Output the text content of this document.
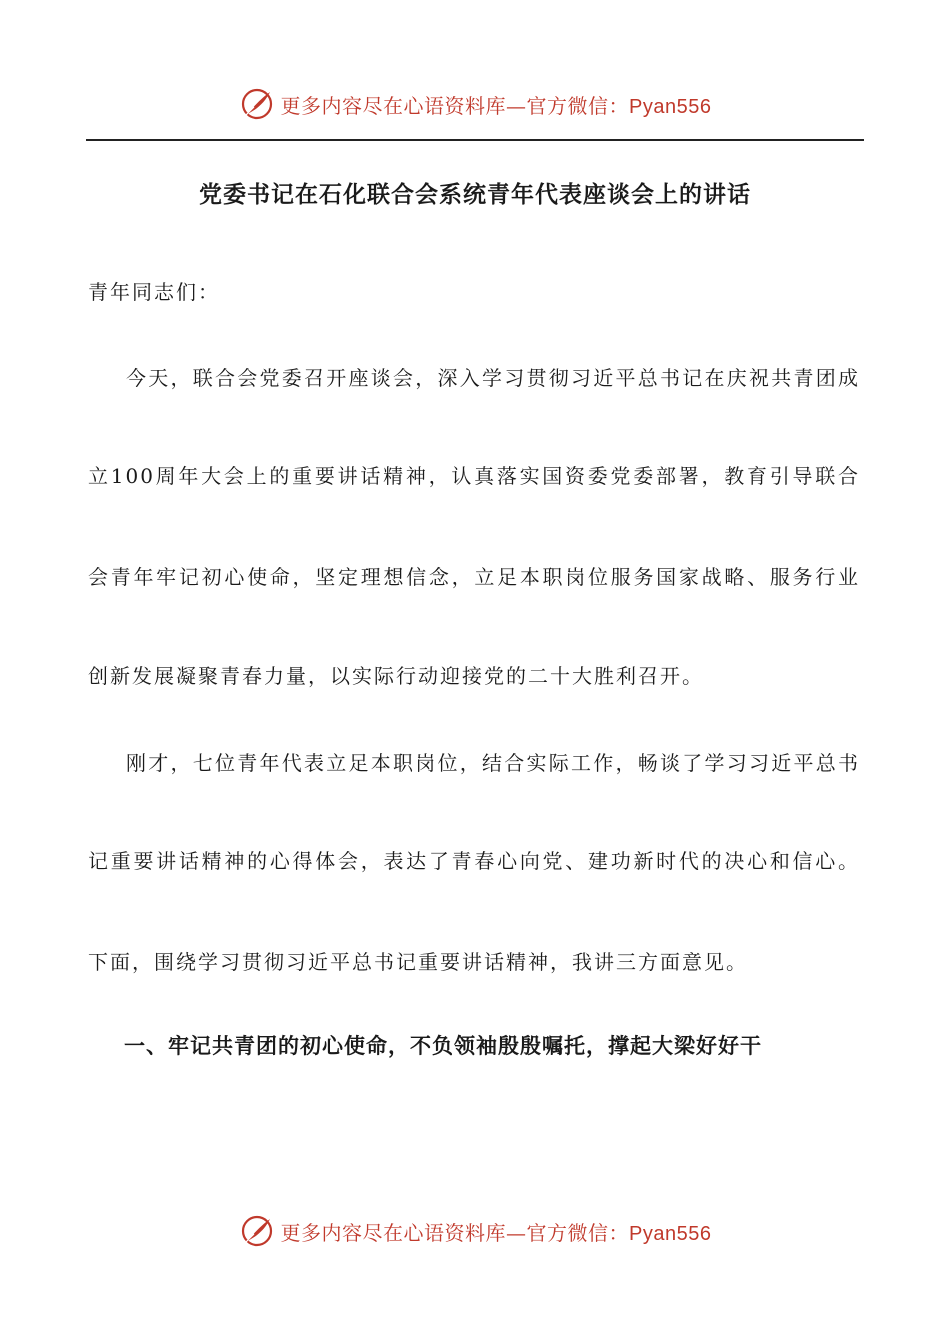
更多内容尽在心语资料库—官方微信：Pyan556
党委书记在石化联合会系统青年代表座谈会上的讲话
青年同志们：
今天，联合会党委召开座谈会，深入学习贯彻习近平总书记在庆祝共青团成
立100周年大会上的重要讲话精神，认真落实国资委党委部署，教育引导联合
会青年牢记初心使命，坚定理想信念，立足本职岗位服务国家战略、服务行业
创新发展凝聚青春力量，以实际行动迎接党的二十大胜利召开。
刚才，七位青年代表立足本职岗位，结合实际工作，畅谈了学习习近平总书
记重要讲话精神的心得体会，表达了青春心向党、建功新时代的决心和信心。
下面，围绕学习贯彻习近平总书记重要讲话精神，我讲三方面意见。
一、牢记共青团的初心使命，不负领袖殷殷嘱托，撑起大梁好好干
更多内容尽在心语资料库—官方微信：Pyan556
